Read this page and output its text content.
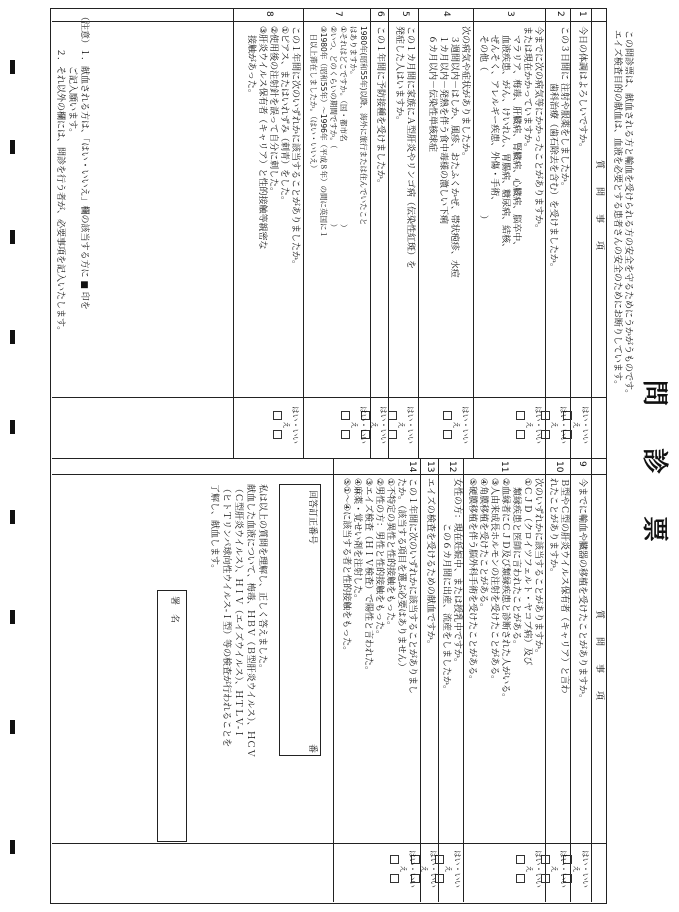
問　診　票
この問診票は、献血される方と輸血を受けられる方の安全を守るためにうかがうものです。
エイズ検査目的の献血は、血液を必要とする患者さんの安全のためにお断りしています。
質　　問　　事　　項
質　　問　　事　　項
1
今日の体調はよろしいですか。
はい・いいえ

2
この３日間に 注射や服薬をしましたか。
　　　　　　 歯科治療（歯石除去を含む）を受けましたか。
はい・いいえ

3
今までに次の病気等にかかったことがありますか。
または現在かかっていますか。
　マラリア、梅毒、肝臓病、腎臓病、心臓病、脳卒中、
　血液疾患、がん、けいれん、胃腸病、糖尿病、結核、
　ぜんそく、アレルギー疾患、外傷・手術、
　その他（　　　　　　　　　　　　　　　　）
はい・いいえ

4
次の病気や症状がありましたか。
　３週間以内－はしか、風疹、おたふくかぜ、帯状疱疹、水痘
　１カ月以内－発熱を伴う食中毒様の激しい下痢
　６カ月以内－伝染性単核球症
はい・いいえ

5
この１カ月間に家族にＡ型肝炎やリンゴ病（伝染性紅斑）を
発症した人はいますか。
はい・いいえ

6
この１年間に予防接種を受けましたか。
はい・いいえ

7
1980年(昭和55年)以降、海外に旅行または住んでいたこと
はありますか。
①それはどこですか。（国・都市名　　　　　　　　　　　）
②いつ、どのくらいの期間ですか。（　　　　　　　　　　）
③1980年（昭和55年）～1996年（平成８年）の間に英国に１
　日以上滞在しましたか。（はい・いいえ）
はい・いいえ

8
この１年間に次のいずれかに該当することがありましたか。
①ピアス、またはいれずみ（刺青）をした。
②使用後の注射針を誤って自分に刺した。
③肝炎ウイルス保有者（キャリア）と性的接触等親密な
　接触があった。
はい・いいえ

（注意）１．献血される方は、「はい・いいえ」欄の該当する方に ■ 印を
　　　　　　ご記入願います。
　　　　２．それ以外の欄には、問診を行う者が、必要事項を記入いたします。
9
今までに輸血や臓器の移植を受けたことがありますか。
はい・いいえ

10
Ｂ型やＣ型の肝炎ウイルス保有者（キャリア）と言わ
れたことがありますか。
はい・いいえ

11
次のいずれかに該当することがありますか。
①ＣＪＤ（クロイツフェルト・ヤコブ病）及び
　類縁疾患と医師に言われたことがある。
②血縁者にＣＪＤ及び類縁疾患と診断された人がいる。
③人由来成長ホルモンの注射を受けたことがある。
④角膜移植を受けたことがある。
⑤硬膜移植を伴う脳外科手術を受けたことがある。
はい・いいえ

12
女性の方：現在妊娠中、または授乳中ですか。
　　　　　この６カ月間に出産、流産をしましたか。
はい・いいえ

13
エイズの検査を受けるための献血ですか。
はい・いいえ

14
この１年間に次のいずれかに該当することがありまし
たか。（該当する項目を選ぶ必要はありません）
①不特定の異性と性的接触をもった。
②男性の方：男性と性的接触をもった。
③エイズ検査（ＨＩＶ検査）で陽性と言われた。
④麻薬・覚せい剤を注射した。
⑤①～④に該当する者と性的接触をもった。
はい・いいえ

回答訂正番号
番
私は以上の質問を理解し、正しく答えました。
献血した血液について、梅毒、ＨＢＶ（Ｂ型肝炎ウイルス）、ＨＣＶ
（Ｃ型肝炎ウイルス）、ＨＩＶ（エイズウイルス）、ＨＴＬＶ-Ｉ
（ヒトＴリンパ球向性ウイルス-Ｉ型）等の検査が行われることを
了解し、献血します。
署　名
